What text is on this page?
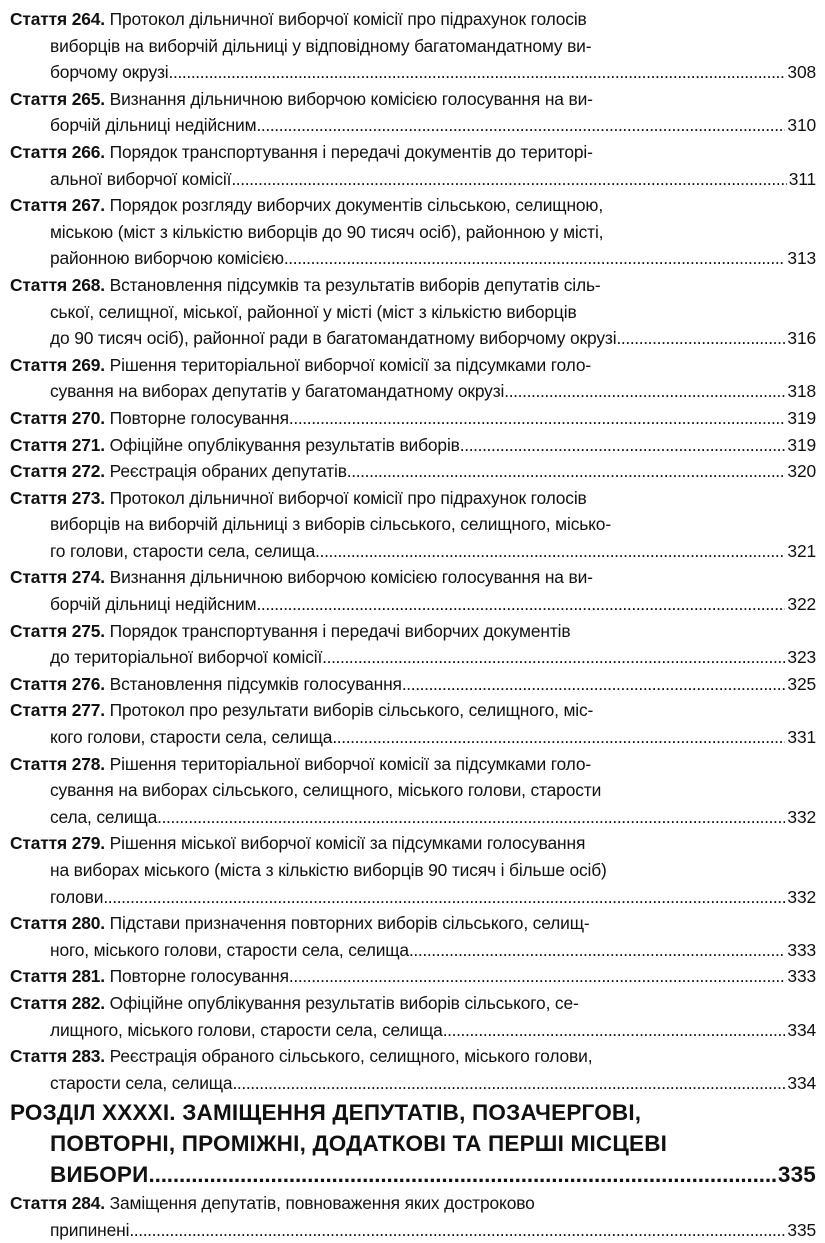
Стаття 264. Протокол дільничної виборчої комісії про підрахунок голосів
виборців на виборчій дільниці у відповідному багатомандатному ви-
борчому окрузі . . .	308
Стаття 265. Визнання дільничною виборчою комісією голосування на ви-
борчій дільниці недійсним . . .	310
Стаття 266. Порядок транспортування і передачі документів до територі-
альної виборчої комісії . . .	311
Стаття 267. Порядок розгляду виборчих документів сільською, селищною,
міською (міст з кількістю виборців до 90 тисяч осіб), районною у місті,
районною виборчою комісією . . .	313
Стаття 268. Встановлення підсумків та результатів виборів депутатів сіль-
ської, селищної, міської, районної у місті (міст з кількістю виборців
до 90 тисяч осіб), районної ради в багатомандатному виборчому окрузі . . .	316
Стаття 269. Рішення територіальної виборчої комісії за підсумками голо-
сування на виборах депутатів у багатомандатному окрузі . . .	318
Стаття 270. Повторне голосування . . .	319
Стаття 271. Офіційне опублікування результатів виборів . . .	319
Стаття 272. Реєстрація обраних депутатів . . .	320
Стаття 273. Протокол дільничної виборчої комісії про підрахунок голосів
виборців на виборчій дільниці з виборів сільського, селищного, місько-
го голови, старости села, селища . . .	321
Стаття 274. Визнання дільничною виборчою комісією голосування на ви-
борчій дільниці недійсним . . .	322
Стаття 275. Порядок транспортування і передачі виборчих документів
до територіальної виборчої комісії . . .	323
Стаття 276. Встановлення підсумків голосування . . .	325
Стаття 277. Протокол про результати виборів сільського, селищного, міс-
кого голови, старости села, селища . . .	331
Стаття 278. Рішення територіальної виборчої комісії за підсумками голо-
сування на виборах сільського, селищного, міського голови, старости
села, селища . . .	332
Стаття 279. Рішення міської виборчої комісії за підсумками голосування
на виборах міського (міста з кількістю виборців 90 тисяч і більше осіб)
голови . . .	332
Стаття 280. Підстави призначення повторних виборів сільського, селищ-
ного, міського голови, старости села, селища . . .	333
Стаття 281. Повторне голосування . . .	333
Стаття 282. Офіційне опублікування результатів виборів сільського, се-
лищного, міського голови, старости села, селища . . .	334
Стаття 283. Реєстрація обраного сільського, селищного, міського голови,
старости села, селища . . .	334
РОЗДІЛ XXXXI. ЗАМІЩЕННЯ ДЕПУТАТІВ, ПОЗАЧЕРГОВІ,
ПОВТОРНІ, ПРОМІЖНІ, ДОДАТКОВІ ТА ПЕРШІ МІСЦЕВІ
ВИБОРИ . . .	335
Стаття 284. Заміщення депутатів, повноваження яких достроково
припинені . . .	335
